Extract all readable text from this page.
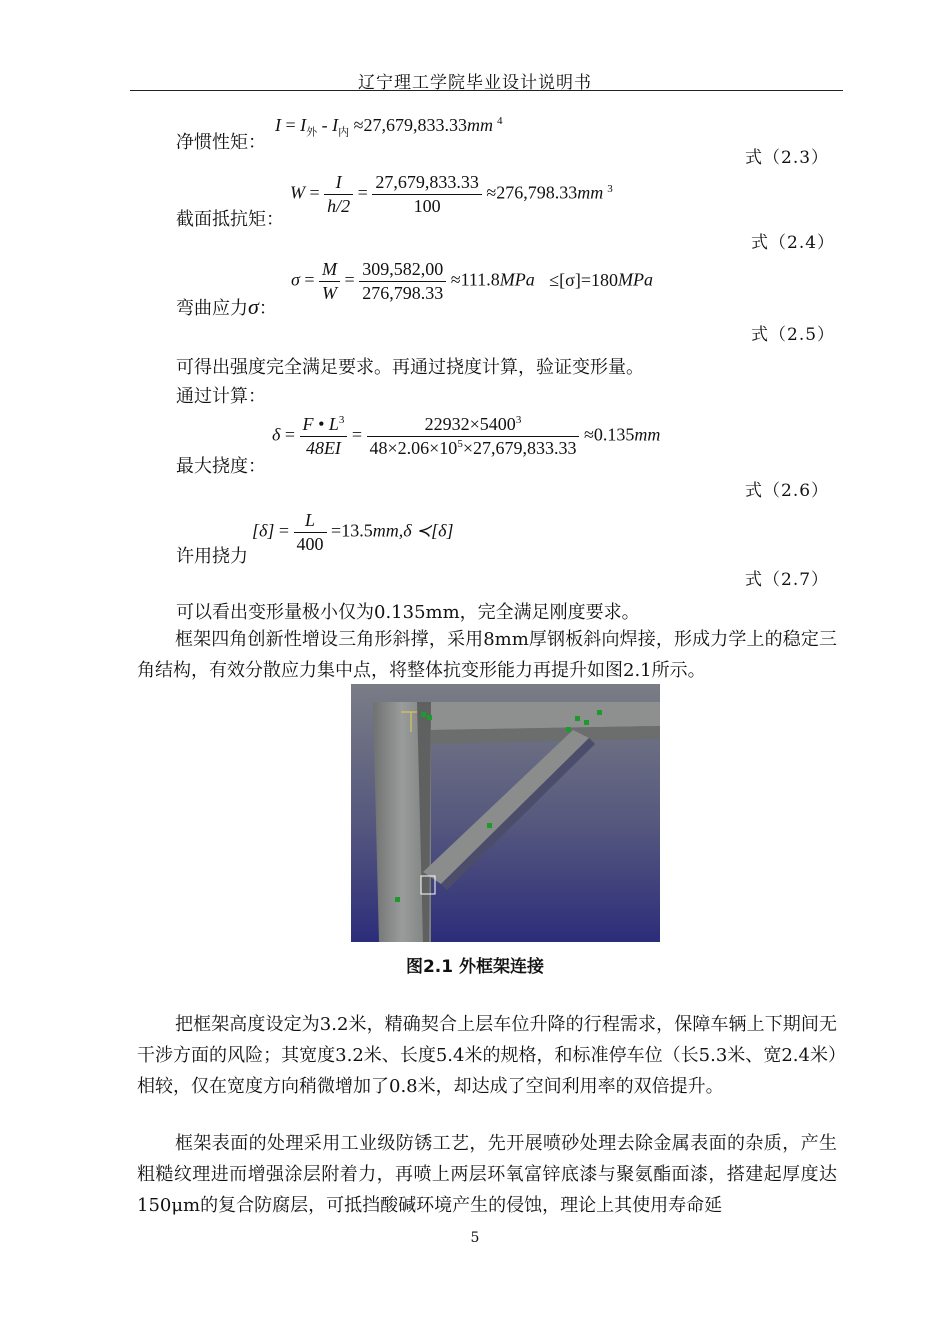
辽宁理工学院毕业设计说明书
净惯性矩：
$I = I_外 - I_内 \approx 27,679,833.33mm$ $^4$
式（2.3）
截面抵抗矩：
$W = \frac{I}{h/2} = \frac{27,679,833.33}{100} \approx 276,798.33mm$ $^3$
式（2.4）
弯曲应力σ：
$\sigma = \frac{M}{W} = \frac{309,582,00}{276,798.33} \approx 111.8MPa \le[\sigma]=180MPa$
式（2.5）
可得出强度完全满足要求。再通过挠度计算，验证变形量。
通过计算：
最大挠度：
$\delta = \frac{F • L^3}{48EI} = \frac{22932\times 5400^3}{48\times 2.06\times 10^5\times 27,679,833.33} \approx 0.135mm$
式（2.6）
许用挠力
$[\delta] = \frac{L}{400} =13.5mm,\delta$ ≺[δ]
式（2.7）
可以看出变形量极小仅为0.135mm，完全满足刚度要求。
框架四角创新性增设三角形斜撑，采用8mm厚钢板斜向焊接，形成力学上的稳定三角结构，有效分散应力集中点，将整体抗变形能力再提升如图2.1所示。
图2.1 外框架连接
把框架高度设定为3.2米，精确契合上层车位升降的行程需求，保障车辆上下期间无干涉方面的风险；其宽度3.2米、长度5.4米的规格，和标准停车位（长5.3米、宽2.4米）相较，仅在宽度方向稍微增加了0.8米，却达成了空间利用率的双倍提升。
框架表面的处理采用工业级防锈工艺，先开展喷砂处理去除金属表面的杂质，产生粗糙纹理进而增强涂层附着力，再喷上两层环氧富锌底漆与聚氨酯面漆，搭建起厚度达150μm的复合防腐层，可抵挡酸碱环境产生的侵蚀，理论上其使用寿命延
5
